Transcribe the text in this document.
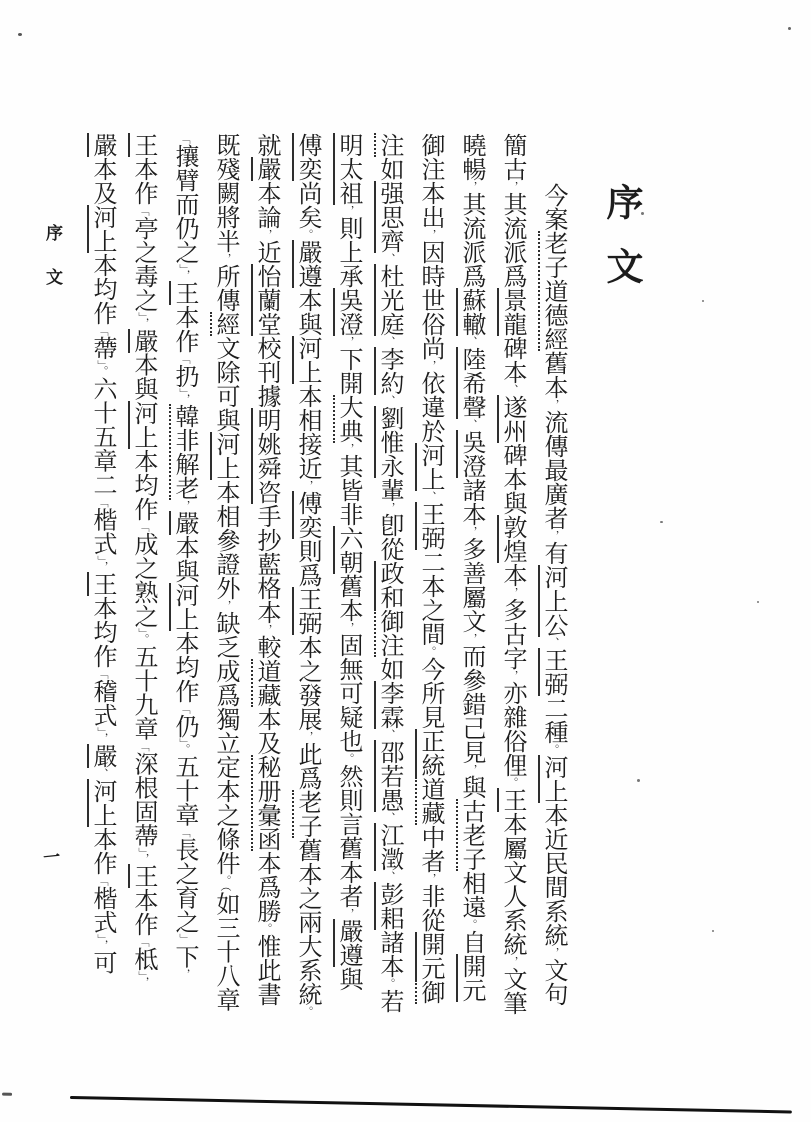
序文
今案老子道德經舊本，流傳最廣者，有河上公、王弼二種。河上本近民間系統，文句
簡古，其流派爲景龍碑本、遂州碑本與敦煌本，多古字，亦雜俗俚。王本屬文人系統，文筆
曉暢，其流派爲蘇轍、陸希聲、吳澄諸本，多善屬文，而參錯己見，與古老子相遠。自開元
御注本出，因時世俗尚，依違於河上、王弼二本之間。今所見正統道藏中者，非從開元御
注如强思齊、杜光庭、李約、劉惟永輩，卽從政和御注如李霖、邵若愚、江澂、彭耜諸本。若
明太祖，則上承吳澄，下開大典，其皆非六朝舊本，固無可疑也。然則言舊本者，嚴遵與
傅奕尚矣。嚴遵本與河上本相接近，傅奕則爲王弼本之發展，此爲老子舊本之兩大系統。
就嚴本論，近怡蘭堂校刊據明姚舜咨手抄藍格本，較道藏本及秘册彙函本爲勝。惟此書
既殘闕將半，所傳經文除可與河上本相參證外，缺乏成爲獨立定本之條件。（如三十八章
「攘臂而仍之」，王本作「扔」，韓非解老，嚴本與河上本均作「仍」。五十章「長之育之」下，
王本作「亭之毒之」，嚴本與河上本均作「成之熟之」。五十九章「深根固蔕」，王本作「柢」，
嚴本及河上本均作「蔕」。六十五章二「楷式」，王本均作「稽式」，嚴、河上本作「楷式」，可
序文
一
